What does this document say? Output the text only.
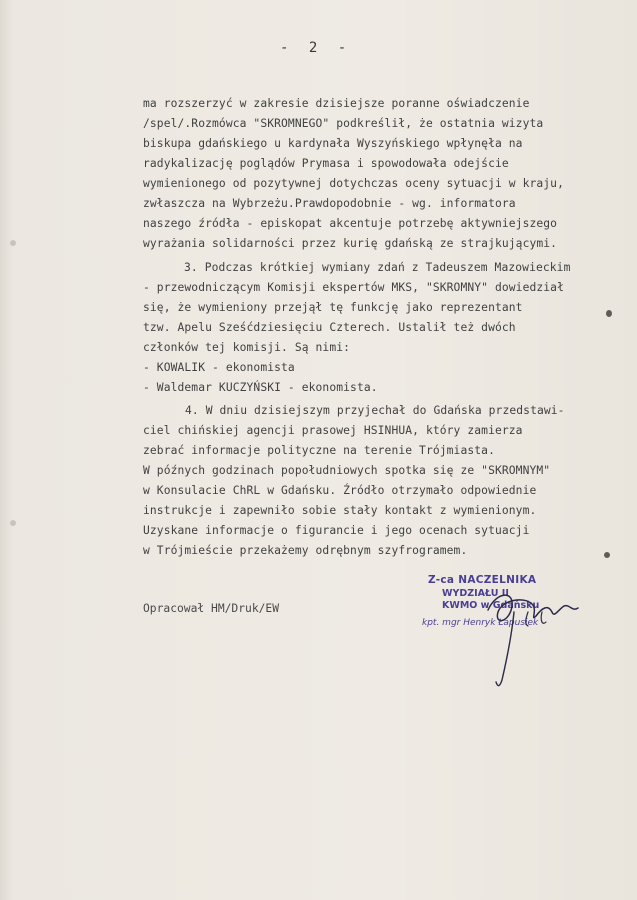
- 2 -
ma rozszerzyć w zakresie dzisiejsze poranne oświadczenie
/spel/.Rozmówca "SKROMNEGO" podkreślił, że ostatnia wizyta
biskupa gdańskiego u kardynała Wyszyńskiego wpłynęła na
radykalizację poglądów Prymasa i spowodowała odejście
wymienionego od pozytywnej dotychczas oceny sytuacji w kraju,
zwłaszcza na Wybrzeżu.Prawdopodobnie - wg. informatora
naszego źródła - episkopat akcentuje potrzebę aktywniejszego
wyrażania solidarności przez kurię gdańską ze strajkującymi.
3. Podczas krótkiej wymiany zdań z Tadeuszem Mazowieckim
- przewodniczącym Komisji ekspertów MKS, "SKROMNY" dowiedział
się, że wymieniony przejął tę funkcję jako reprezentant
tzw. Apelu Sześćdziesięciu Czterech. Ustalił też dwóch
członków tej komisji. Są nimi:
- KOWALIK - ekonomista
- Waldemar KUCZYŃSKI - ekonomista.
4. W dniu dzisiejszym przyjechał do Gdańska przedstawi-
ciel chińskiej agencji prasowej HSINHUA, który zamierza
zebrać informacje polityczne na terenie Trójmiasta.
W późnych godzinach popołudniowych spotka się ze "SKROMNYM"
w Konsulacie ChRL w Gdańsku. Źródło otrzymało odpowiednie
instrukcje i zapewniło sobie stały kontakt z wymienionym.
Uzyskane informacje o figurancie i jego ocenach sytuacji
w Trójmieście przekażemy odrębnym szyfrogramem.
Opracował HM/Druk/EW
Z-ca NACZELNIKA
WYDZIAŁU II
KWMO w Gdańsku
kpt. mgr Henryk Łapusiek
